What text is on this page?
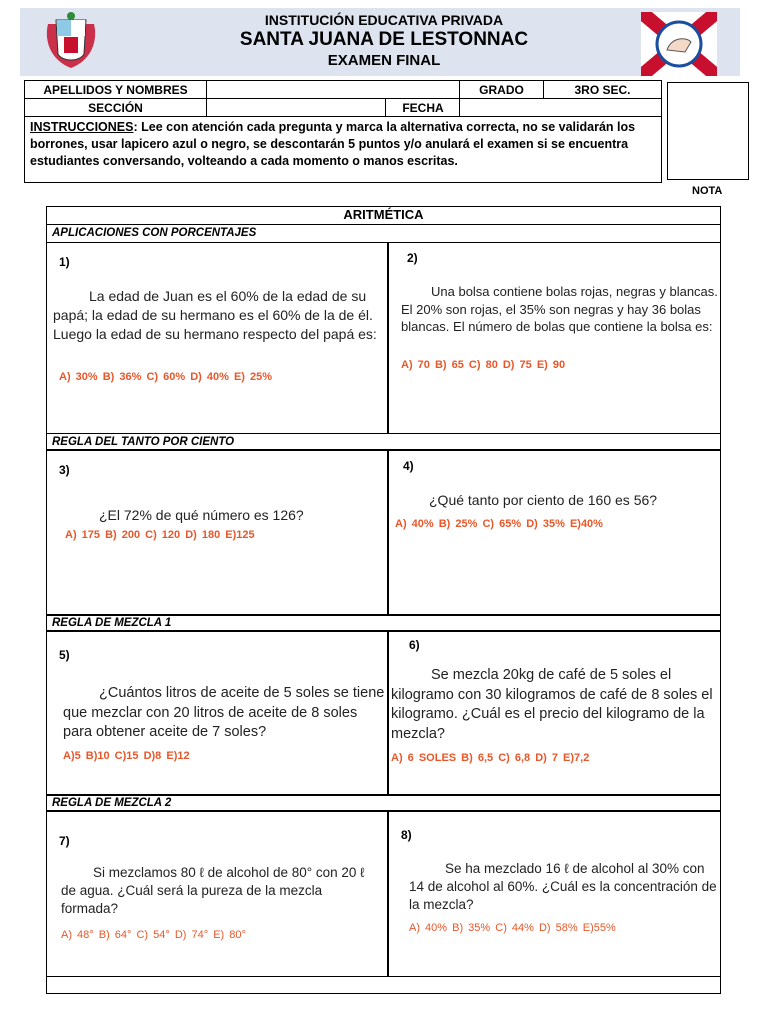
INSTITUCIÓN EDUCATIVA PRIVADA
SANTA JUANA DE LESTONNAC
EXAMEN FINAL
APELLIDOS Y NOMBRES		GRADO	3RO SEC.
SECCIÓN	FECHA		

INSTRUCCIONES: Lee con atención cada pregunta y marca la alternativa correcta, no se validarán los borrones, usar lapicero azul o negro, se descontarán 5 puntos y/o anulará el examen si se encuentra estudiantes conversando, volteando a cada momento o manos escritas.			
NOTA
ARITMÉTICA
APLICACIONES CON PORCENTAJES
1)
La edad de Juan es el 60% de la edad de su papá; la edad de su hermano es el 60% de la de él. Luego la edad de su hermano respecto del papá es:
A) 30% B) 36% C) 60% D) 40% E) 25%
2)
Una bolsa contiene bolas rojas, negras y blancas. El 20% son rojas, el 35% son negras y hay 36 bolas blancas. El número de bolas que contiene la bolsa es:
A) 70 B) 65 C) 80 D) 75 E) 90
REGLA DEL TANTO POR CIENTO
3)
¿El 72% de qué número es 126?
A) 175 B) 200 C) 120 D) 180 E)125
4)
¿Qué tanto por ciento de 160 es 56?
A) 40% B) 25% C) 65% D) 35% E)40%
REGLA DE MEZCLA 1
5)
¿Cuántos litros de aceite de 5 soles se tiene que mezclar con 20 litros de aceite de 8 soles para obtener aceite de 7 soles?
A)5 B)10 C)15 D)8 E)12
6)
Se mezcla 20kg de café de 5 soles el kilogramo con 30 kilogramos de café de 8 soles el kilogramo. ¿Cuál es el precio del kilogramo de la mezcla?
A) 6 SOLES B) 6,5 C) 6,8 D) 7 E)7,2
REGLA DE MEZCLA 2
7)
Si mezclamos 80 ℓ de alcohol de 80° con 20 ℓ de agua. ¿Cuál será la pureza de la mezcla formada?
A) 48° B) 64° C) 54° D) 74° E) 80°
8)
Se ha mezclado 16 ℓ de alcohol al 30% con 14 de alcohol al 60%. ¿Cuál es la concentración de la mezcla?
A) 40% B) 35% C) 44% D) 58% E)55%
